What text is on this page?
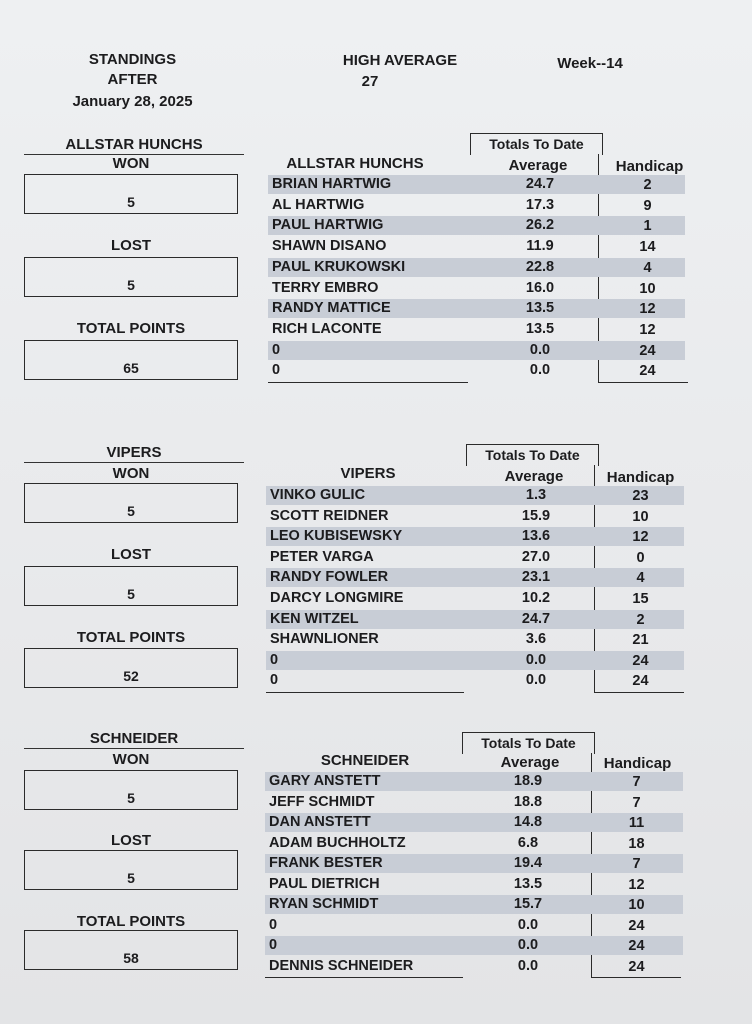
STANDINGS
AFTER
January 28, 2025
HIGH AVERAGE
27
Week--14
ALLSTAR HUNCHS
WON
5
LOST
5
TOTAL POINTS
65
ALLSTAR HUNCHS
Totals To Date
Average	Handicap
BRIAN HARTWIG	24.7	2
AL HARTWIG	17.3	9
PAUL HARTWIG	26.2	1
SHAWN DISANO	11.9	14
PAUL KRUKOWSKI	22.8	4
TERRY EMBRO	16.0	10
RANDY MATTICE	13.5	12
RICH LACONTE	13.5	12
0	0.0	24
0	0.0	24
VIPERS
WON
5
LOST
5
TOTAL POINTS
52
VIPERS
Totals To Date
Average	Handicap
VINKO GULIC	1.3	23
SCOTT REIDNER	15.9	10
LEO KUBISEWSKY	13.6	12
PETER VARGA	27.0	0
RANDY FOWLER	23.1	4
DARCY LONGMIRE	10.2	15
KEN WITZEL	24.7	2
SHAWNLIONER	3.6	21
0	0.0	24
0	0.0	24
SCHNEIDER
WON
5
LOST
5
TOTAL POINTS
58
SCHNEIDER
Totals To Date
Average	Handicap
GARY ANSTETT	18.9	7
JEFF SCHMIDT	18.8	7
DAN ANSTETT	14.8	11
ADAM BUCHHOLTZ	6.8	18
FRANK BESTER	19.4	7
PAUL DIETRICH	13.5	12
RYAN SCHMIDT	15.7	10
0	0.0	24
0	0.0	24
DENNIS SCHNEIDER	0.0	24
